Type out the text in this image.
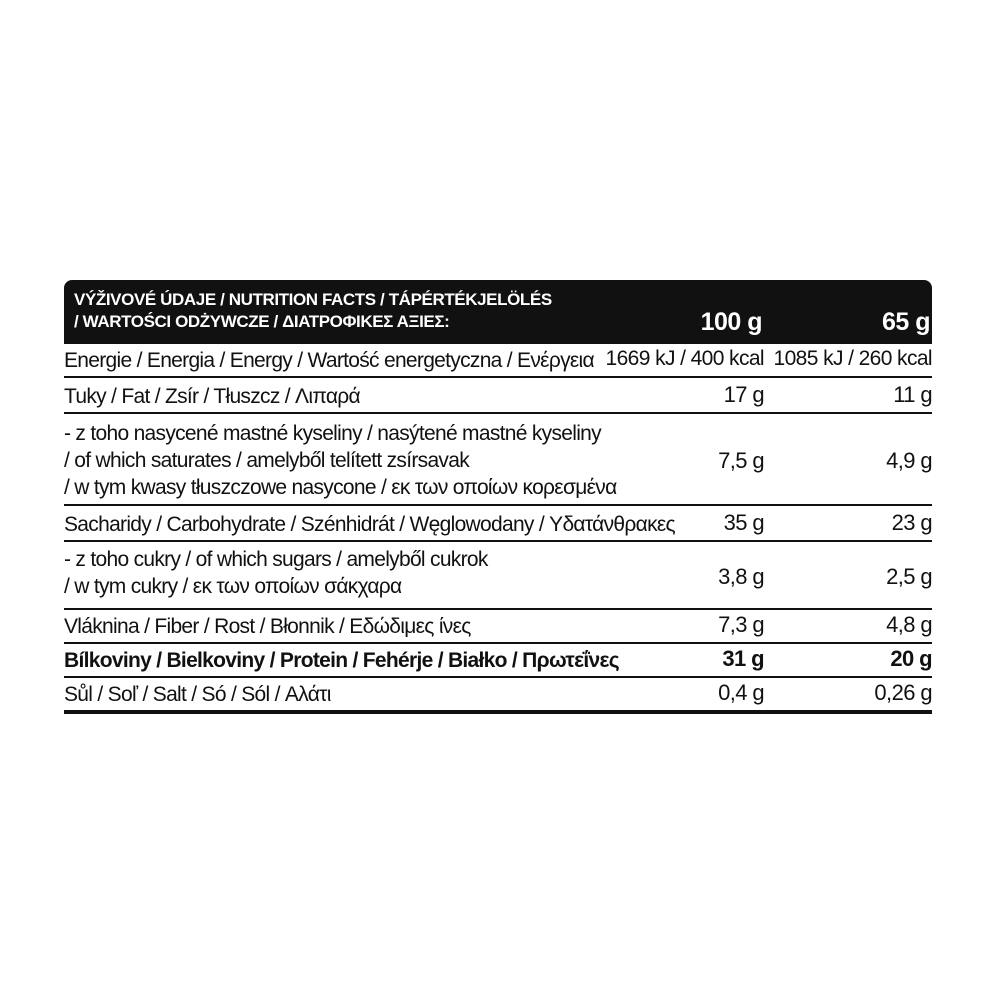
VÝŽIVOVÉ ÚDAJE / NUTRITION FACTS / TÁPÉRTÉKJELÖLÉS
/ WARTOŚCI ODŻYWCZE / ΔΙΑΤΡΟΦΙΚΕΣ ΑΞΙΕΣ:	100 g	65 g
Energie / Energia / Energy / Wartość energetyczna / Ενέργεια 1669 kJ / 400 kcal 1085 kJ / 260 kcal
Tuky / Fat / Zsír / Tłuszcz / Λιπαρά	17 g	11 g
- z toho nasycené mastné kyseliny / nasýtené mastné kyseliny
/ of which saturates / amelyből telített zsírsavak
/ w tym kwasy tłuszczowe nasycone / εκ των οποίων κορεσμένα
7,5 g	4,9 g
Sacharidy / Carbohydrate / Szénhidrát / Węglowodany / Υδατάνθρακες 35 g	23 g
- z toho cukry / of which sugars / amelyből cukrok
/ w tym cukry / εκ των οποίων σάκχαρα	3,8 g	2,5 g
Vláknina / Fiber / Rost / Błonnik / Εδώδιμες ίνες	7,3 g	4,8 g
Bílkoviny / Bielkoviny / Protein / Fehérje / Białko / Πρωτεΐνες	31 g	20 g
Sůl / Soľ / Salt / Só / Sól / Αλάτι	0,4 g	0,26 g
